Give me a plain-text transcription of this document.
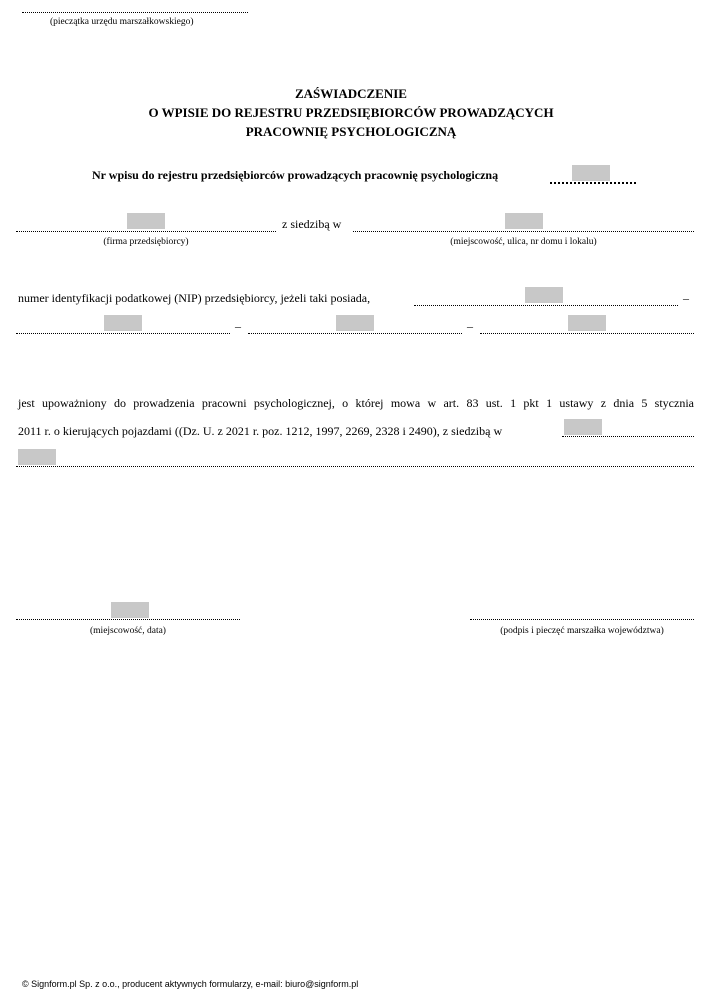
(pieczątka urzędu marszałkowskiego)
ZAŚWIADCZENIE
O WPISIE DO REJESTRU PRZEDSIĘBIORCÓW PROWADZĄCYCH
PRACOWNIĘ PSYCHOLOGICZNĄ
Nr wpisu do rejestru przedsiębiorców prowadzących pracownię psychologiczną
z siedzibą w
(firma przedsiębiorcy)	(miejscowość, ulica, nr domu i lokalu)
numer identyfikacji podatkowej (NIP) przedsiębiorcy, jeżeli taki posiada,	–
–	–
jest upoważniony do prowadzenia pracowni psychologicznej, o której mowa w art. 83 ust. 1 pkt 1 ustawy z dnia 5 stycznia
2011 r. o kierujących pojazdami ((Dz. U. z 2021 r. poz. 1212, 1997, 2269, 2328 i 2490), z siedzibą w
(miejscowość, data)	(podpis i pieczęć marszałka województwa)
© Signform.pl Sp. z o.o., producent aktywnych formularzy, e-mail: biuro@signform.pl
